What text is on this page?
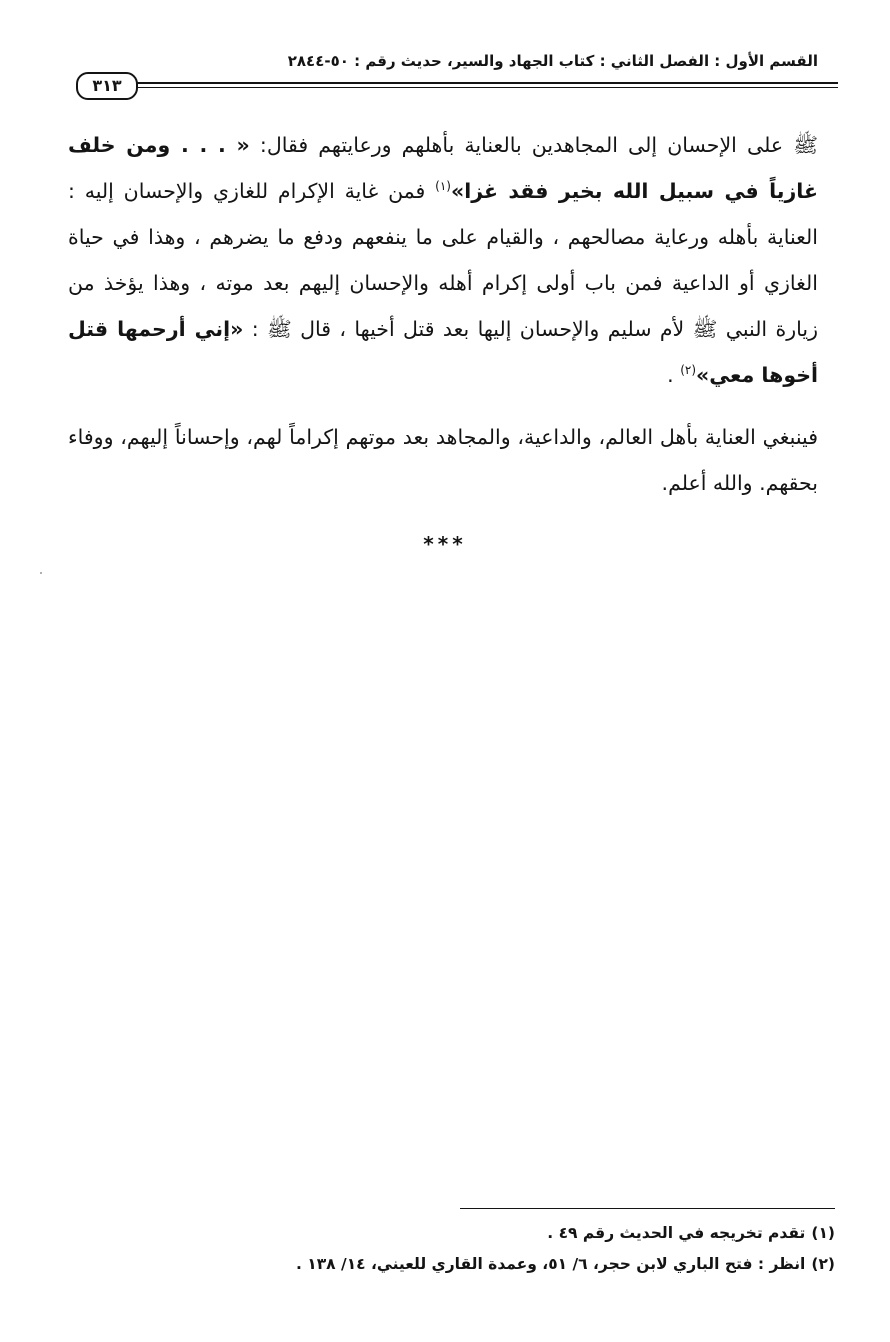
القسم الأول : الفصل الثاني : كتاب الجهاد والسير، حديث رقم : ٥٠-٢٨٤٤
٣١٣

ﷺ على الإحسان إلى المجاهدين بالعناية بأهلهم ورعايتهم فقال: « . . . ومن خلف غازياً في سبيل الله بخير فقد غزا»$^{(١)}$ فمن غاية الإكرام للغازي والإحسان إليه : العناية بأهله ورعاية مصالحهم ، والقيام على ما ينفعهم ودفع ما يضرهم ، وهذا في حياة الغازي أو الداعية فمن باب أولى إكرام أهله والإحسان إليهم بعد موته ، وهذا يؤخذ من زيارة النبي ﷺ لأم سليم والإحسان إليها بعد قتل أخيها ، قال ﷺ : «إني أرحمها قتل أخوها معي»$^{(٢)}$ .

فينبغي العناية بأهل العالم، والداعية، والمجاهد بعد موتهم إكراماً لهم، وإحساناً إليهم، ووفاء بحقهم. والله أعلم.

***
(١)تقدم تخريجه في الحديث رقم ٤٩ .
(٢)انظر : فتح الباري لابن حجر، ٦/ ٥١، وعمدة القاري للعيني، ١٤/ ١٣٨ .
